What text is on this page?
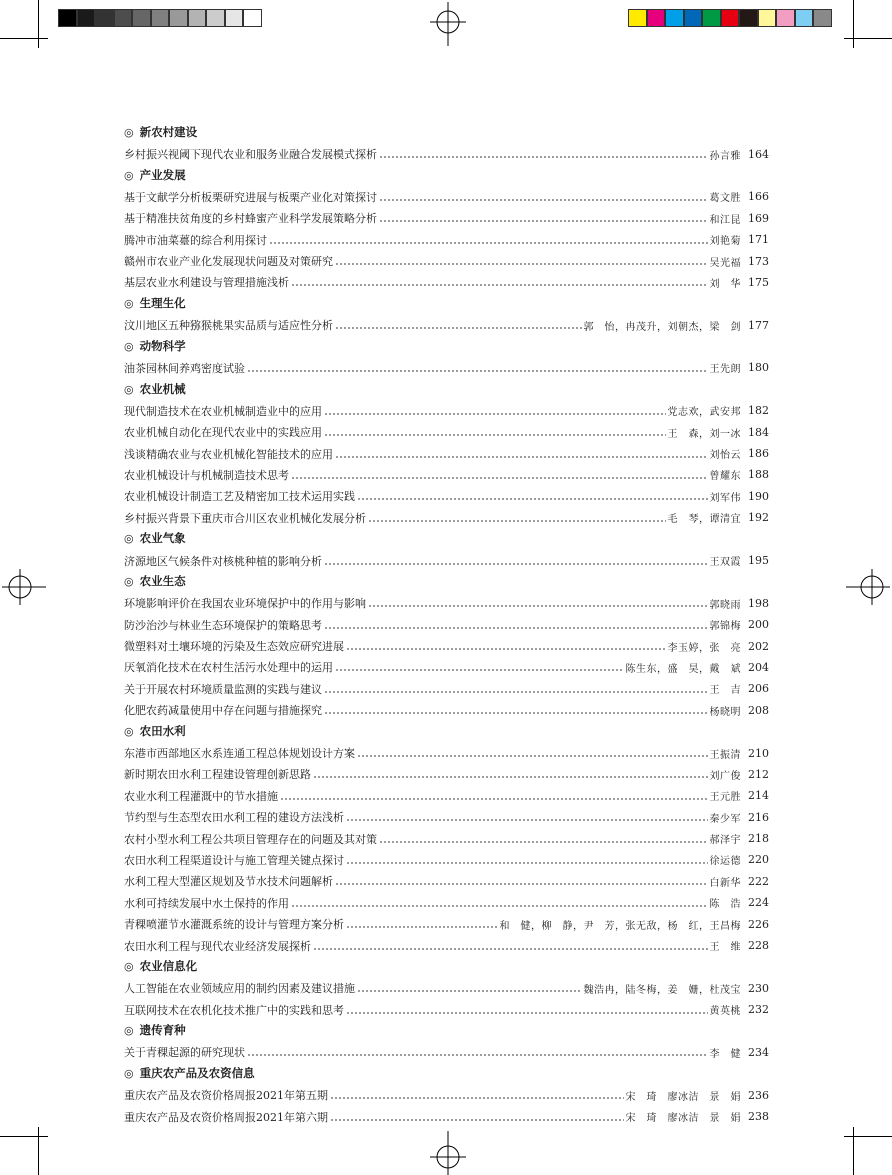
◎ 新农村建设
乡村振兴视阈下现代农业和服务业融合发展模式探析	孙言雅 164
◎ 产业发展
基于文献学分析板栗研究进展与板栗产业化对策探讨	葛文胜 166
基于精准扶贫角度的乡村蜂蜜产业科学发展策略分析	和江昆 169
腾冲市油菜薹的综合利用探讨	刘艳菊 171
赣州市农业产业化发展现状问题及对策研究	吴光福 173
基层农业水利建设与管理措施浅析	刘　华 175
◎ 生理生化
汶川地区五种猕猴桃果实品质与适应性分析	郭　怡，冉茂升，刘朝杰，梁　剑 177
◎ 动物科学
油茶园林间养鸡密度试验	王先朗 180
◎ 农业机械
现代制造技术在农业机械制造业中的应用	党志欢，武安邦 182
农业机械自动化在现代农业中的实践应用	王　森，刘一冰 184
浅谈精确农业与农业机械化智能技术的应用	刘怡云 186
农业机械设计与机械制造技术思考	曾耀东 188
农业机械设计制造工艺及精密加工技术运用实践	刘军伟 190
乡村振兴背景下重庆市合川区农业机械化发展分析	毛　琴，谭清宜 192
◎ 农业气象
济源地区气候条件对核桃种植的影响分析	王双霞 195
◎ 农业生态
环境影响评价在我国农业环境保护中的作用与影响	郭晓雨 198
防沙治沙与林业生态环境保护的策略思考	郭锦梅 200
微塑料对土壤环境的污染及生态效应研究进展	李玉婷，张　亮 202
厌氧消化技术在农村生活污水处理中的运用	陈生东，盛　昊，戴　斌 204
关于开展农村环境质量监测的实践与建议	王　吉 206
化肥农药减量使用中存在问题与措施探究	杨晓明 208
◎ 农田水利
东港市西部地区水系连通工程总体规划设计方案	王振清 210
新时期农田水利工程建设管理创新思路	刘广俊 212
农业水利工程灌溉中的节水措施	王元胜 214
节约型与生态型农田水利工程的建设方法浅析	秦少军 216
农村小型水利工程公共项目管理存在的问题及其对策	郝泽宇 218
农田水利工程渠道设计与施工管理关键点探讨	徐运德 220
水利工程大型灌区规划及节水技术问题解析	白新华 222
水利可持续发展中水土保持的作用	陈　浩 224
青稞喷灌节水灌溉系统的设计与管理方案分析	和　健，柳　静，尹　芳，张无敌，杨　红，王昌梅 226
农田水利工程与现代农业经济发展探析	王　维 228
◎ 农业信息化
人工智能在农业领域应用的制约因素及建议措施	魏浩冉，陆冬梅，姜　姗，杜茂宝 230
互联网技术在农机化技术推广中的实践和思考	黄英桃 232
◎ 遗传育种
关于青稞起源的研究现状	李　健 234
◎ 重庆农产品及农资信息
重庆农产品及农资价格周报2021年第五期	宋　琦　廖冰洁　景　娟 236
重庆农产品及农资价格周报2021年第六期	宋　琦　廖冰洁　景　娟 238
